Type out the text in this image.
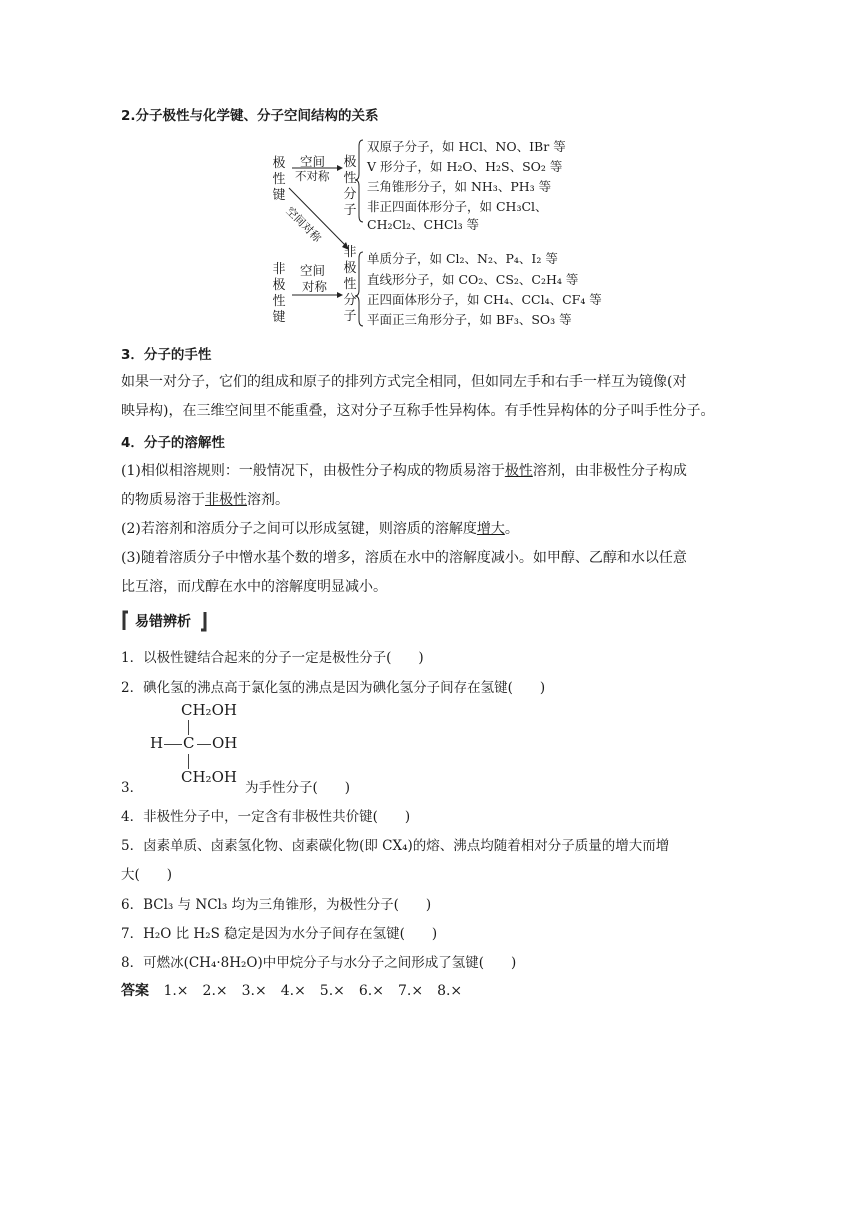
2.分子极性与化学键、分子空间结构的关系
极性键
非极性键
极性分子
非极性分子
空间
不对称
空间
对称
空间对称
双原子分子，如 HCl、NO、IBr 等
V 形分子，如 H₂O、H₂S、SO₂ 等
三角锥形分子，如 NH₃、PH₃ 等
非正四面体形分子，如 CH₃Cl、
CH₂Cl₂、CHCl₃ 等
单质分子，如 Cl₂、N₂、P₄、I₂ 等
直线形分子，如 CO₂、CS₂、C₂H₄ 等
正四面体形分子，如 CH₄、CCl₄、CF₄ 等
平面正三角形分子，如 BF₃、SO₃ 等
3．分子的手性
如果一对分子，它们的组成和原子的排列方式完全相同，但如同左手和右手一样互为镜像(对
映异构)，在三维空间里不能重叠，这对分子互称手性异构体。有手性异构体的分子叫手性分子。
4．分子的溶解性
(1)相似相溶规则：一般情况下，由极性分子构成的物质易溶于极性溶剂，由非极性分子构成
的物质易溶于非极性溶剂。
(2)若溶剂和溶质分子之间可以形成氢键，则溶质的溶解度增大。
(3)随着溶质分子中憎水基个数的增多，溶质在水中的溶解度减小。如甲醇、乙醇和水以任意
比互溶，而戊醇在水中的溶解度明显减小。
易错辨析
1．以极性键结合起来的分子一定是极性分子(　　)
2．碘化氢的沸点高于氯化氢的沸点是因为碘化氢分子间存在氢键(　　)
CH₂OH
H C OH
CH₂OH
3．	为手性分子(　　)
4．非极性分子中，一定含有非极性共价键(　　)
5．卤素单质、卤素氢化物、卤素碳化物(即 CX₄)的熔、沸点均随着相对分子质量的增大而增
大(　　)
6．BCl₃ 与 NCl₃ 均为三角锥形，为极性分子(　　)
7．H₂O 比 H₂S 稳定是因为水分子间存在氢键(　　)
8．可燃冰(CH₄·8H₂O)中甲烷分子与水分子之间形成了氢键(　　)
答案 1.×　2.×　3.×　4.×　5.×　6.×　7.×　8.×
